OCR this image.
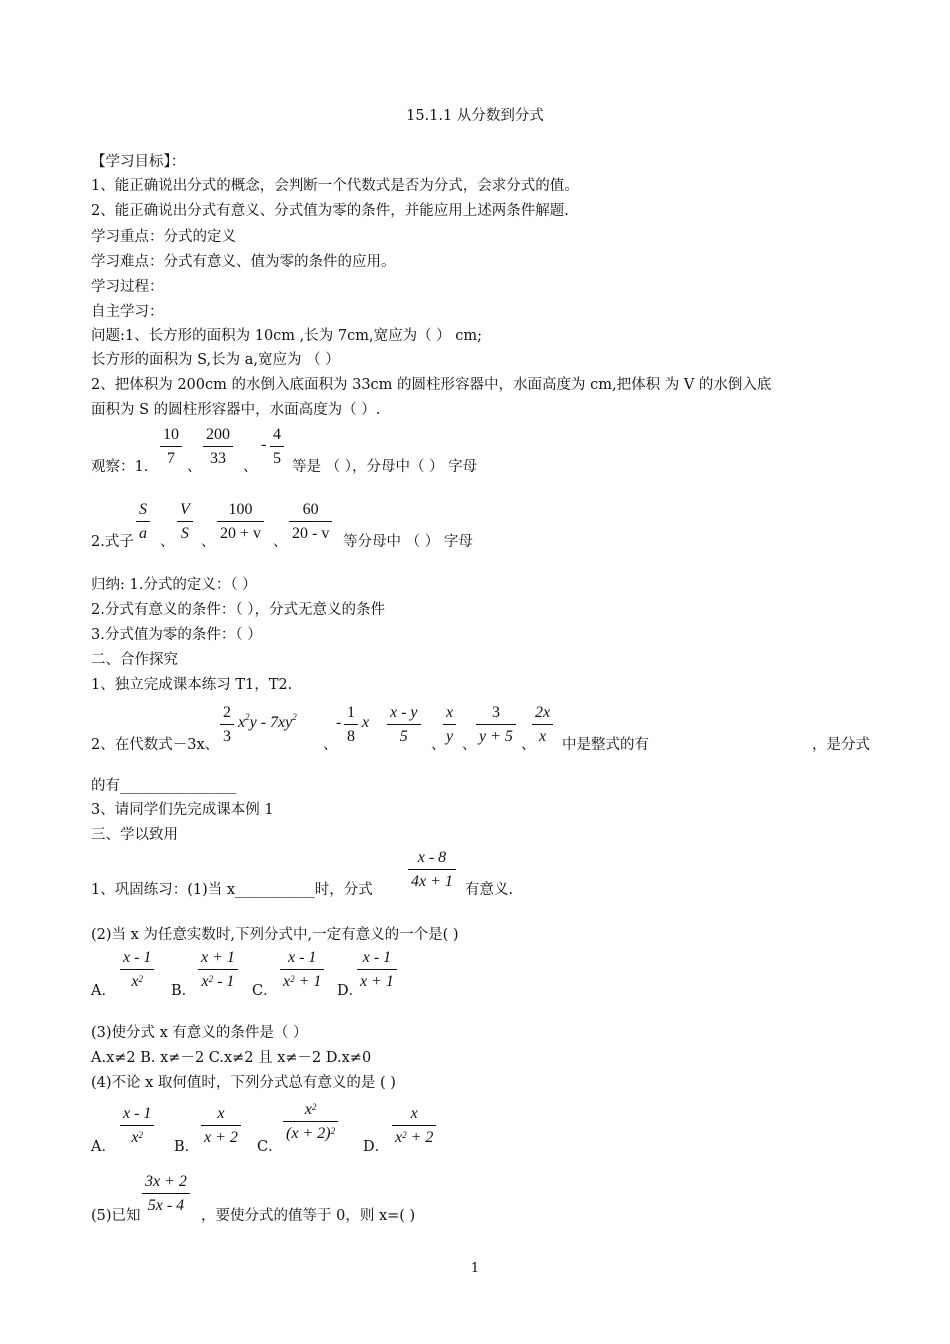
15.1.1 从分数到分式
【学习目标】：
1、能正确说出分式的概念，会判断一个代数式是否为分式，会求分式的值。
2、能正确说出分式有意义、分式值为零的条件，并能应用上述两条件解题.
学习重点：分式的定义
学习难点：分式有意义、值为零的条件的应用。
学习过程：
自主学习：
问题:1、长方形的面积为 10cm ,长为 7cm,宽应为（ ） cm;
长方形的面积为 S,长为 a,宽应为 （ ）
2、把体积为 200cm 的水倒入底面积为 33cm 的圆柱形容器中，水面高度为 cm,把体积 为 V 的水倒入底
面积为 S 的圆柱形容器中，水面高度为（ ）.
观察：1. $\frac{10}{7}$ 、 $\frac{200}{33}$ 、
- $\frac{4}{5}$ 等是 （ ），分母中（ ） 字母
2.式子 $\frac{S}{a}$ 、 $\frac{V}{S}$ 、 $\frac{100}{20 + v}$ 、 $\frac{60}{20 - v}$ 等分母中 （ ） 字母
归纳: 1.分式的定义：（ ）
2.分式有意义的条件：（ ），分式无意义的条件
3.分式值为零的条件：（ ）
二、合作探究
1、独立完成课本练习 T1，T2.
2、在代数式－3x、 $\frac{2}{3} x^2y - 7xy^2$
、
- $\frac{1}{8}$ x $\frac{x - y}{5}$ 、
$\frac{x}{y}$ 、 $\frac{3}{y + 5}$ 、
$\frac{2x}{x}$ 中是整式的有	，是分式
的有________________
3、请同学们先完成课本例 1
三、学以致用
1、巩固练习：(1)当 x___________时，分式 $\frac{x - 8}{4x + 1}$ 有意义.
(2)当 x 为任意实数时,下列分式中,一定有意义的一个是( )
A． $\frac{x - 1}{x^2}$ B． $\frac{x + 1}{x^2 - 1}$ C． $\frac{x - 1}{x^2 + 1}$ D．
$\frac{x - 1}{x + 1}$
(3)使分式 x 有意义的条件是（ ）
A.x≠2 B. x≠－2 C.x≠2 且 x≠－2 D.x≠0
(4)不论 x 取何值时，下列分式总有意义的是 ( )
A． $\frac{x - 1}{x^2}$ B． $\frac{x}{x + 2}$ C．
$\frac{x^2}{(x + 2)^2}$
D． $\frac{x}{x^2 + 2}$
(5)已知
$\frac{3x + 2}{5x - 4}$
，要使分式的值等于 0，则 x=( )
1
